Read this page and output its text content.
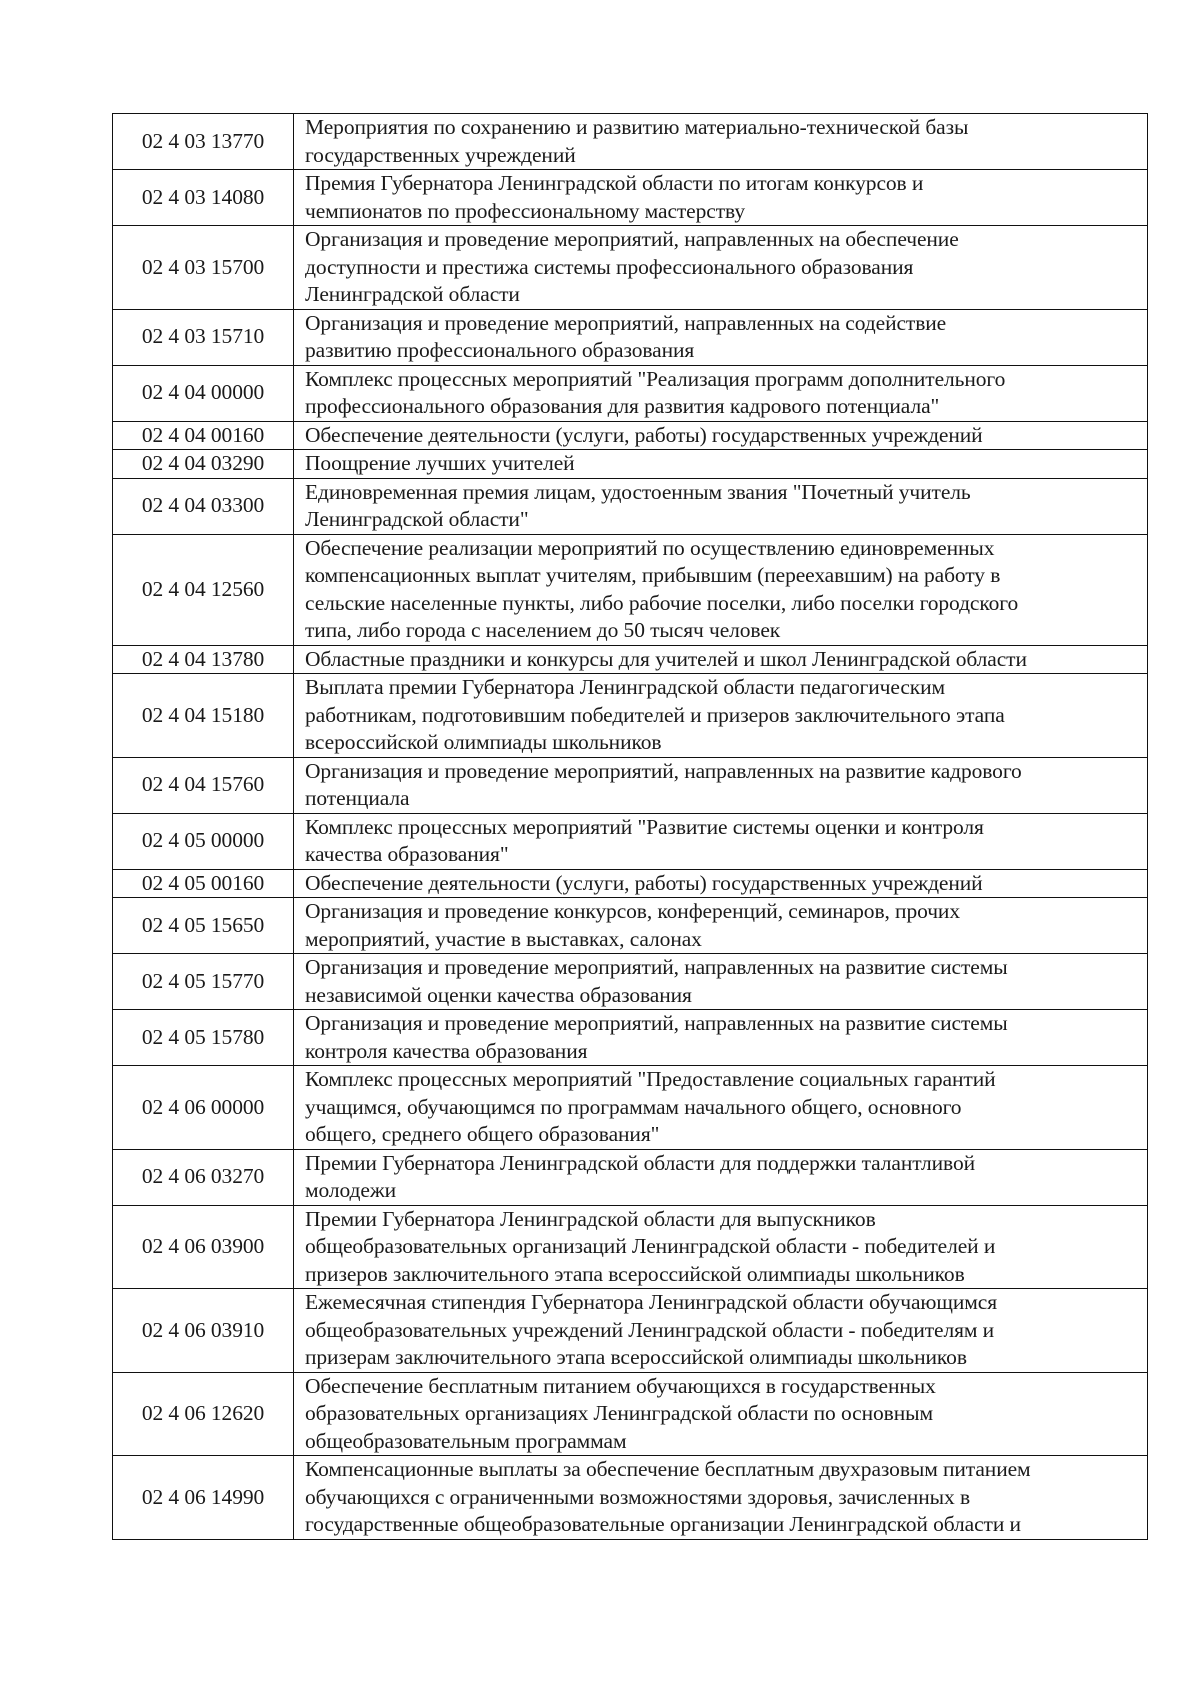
02 4 03 13770	Мероприятия по сохранению и развитию материально-технической базы
государственных учреждений

02 4 03 14080	Премия Губернатора Ленинградской области по итогам конкурсов и
чемпионатов по профессиональному мастерству

02 4 03 15700	Организация и проведение мероприятий, направленных на обеспечение
доступности и престижа системы профессионального образования
Ленинградской области

02 4 03 15710	Организация и проведение мероприятий, направленных на содействие
развитию профессионального образования

02 4 04 00000	Комплекс процессных мероприятий "Реализация программ дополнительного
профессионального образования для развития кадрового потенциала"

02 4 04 00160	Обеспечение деятельности (услуги, работы) государственных учреждений

02 4 04 03290	Поощрение лучших учителей

02 4 04 03300	Единовременная премия лицам, удостоенным звания "Почетный учитель
Ленинградской области"

02 4 04 12560	Обеспечение реализации мероприятий по осуществлению единовременных
компенсационных выплат учителям, прибывшим (переехавшим) на работу в
сельские населенные пункты, либо рабочие поселки, либо поселки городского
типа, либо города с населением до 50 тысяч человек

02 4 04 13780	Областные праздники и конкурсы для учителей и школ Ленинградской области

02 4 04 15180	Выплата премии Губернатора Ленинградской области педагогическим
работникам, подготовившим победителей и призеров заключительного этапа
всероссийской олимпиады школьников

02 4 04 15760	Организация и проведение мероприятий, направленных на развитие кадрового
потенциала

02 4 05 00000	Комплекс процессных мероприятий "Развитие системы оценки и контроля
качества образования"

02 4 05 00160	Обеспечение деятельности (услуги, работы) государственных учреждений

02 4 05 15650	Организация и проведение конкурсов, конференций, семинаров, прочих
мероприятий, участие в выставках, салонах

02 4 05 15770	Организация и проведение мероприятий, направленных на развитие системы
независимой оценки качества образования

02 4 05 15780	Организация и проведение мероприятий, направленных на развитие системы
контроля качества образования

02 4 06 00000	Комплекс процессных мероприятий "Предоставление социальных гарантий
учащимся, обучающимся по программам начального общего, основного
общего, среднего общего образования"

02 4 06 03270	Премии Губернатора Ленинградской области для поддержки талантливой
молодежи

02 4 06 03900	Премии Губернатора Ленинградской области для выпускников
общеобразовательных организаций Ленинградской области - победителей и
призеров заключительного этапа всероссийской олимпиады школьников

02 4 06 03910	Ежемесячная стипендия Губернатора Ленинградской области обучающимся
общеобразовательных учреждений Ленинградской области - победителям и
призерам заключительного этапа всероссийской олимпиады школьников

02 4 06 12620	Обеспечение бесплатным питанием обучающихся в государственных
образовательных организациях Ленинградской области по основным
общеобразовательным программам

02 4 06 14990	Компенсационные выплаты за обеспечение бесплатным двухразовым питанием
обучающихся с ограниченными возможностями здоровья, зачисленных в
государственные общеобразовательные организации Ленинградской области и
